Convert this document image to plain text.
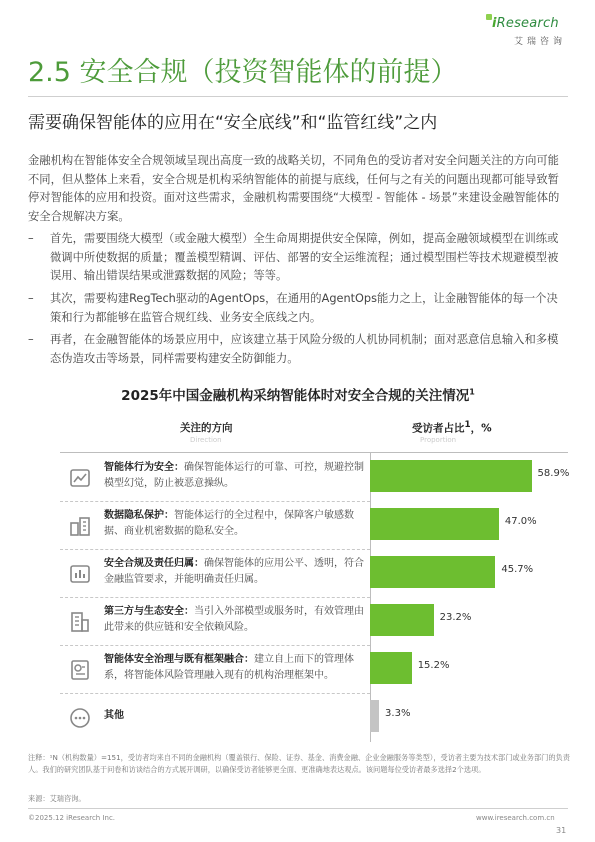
iResearch
艾瑞咨询
2.5 安全合规（投资智能体的前提）
需要确保智能体的应用在“安全底线”和“监管红线”之内
金融机构在智能体安全合规领域呈现出高度一致的战略关切，不同角色的受访者对安全问题关注的方向可能不同，但从整体上来看，安全合规是机构采纳智能体的前提与底线，任何与之有关的问题出现都可能导致暂停对智能体的应用和投资。面对这些需求，金融机构需要围绕“大模型 - 智能体 - 场景”来建设金融智能体的安全合规解决方案。
– 首先，需要围绕大模型（或金融大模型）全生命周期提供安全保障，例如，提高金融领域模型在训练或微调中所使数据的质量；覆盖模型精调、评估、部署的安全运维流程；通过模型围栏等技术规避模型被误用、输出错误结果或泄露数据的风险；等等。
– 其次，需要构建RegTech驱动的AgentOps，在通用的AgentOps能力之上，让金融智能体的每一个决策和行为都能够在监管合规红线、业务安全底线之内。
– 再者，在金融智能体的场景应用中，应该建立基于风险分级的人机协同机制；面对恶意信息输入和多模态伪造攻击等场景，同样需要构建安全防御能力。
2025年中国金融机构采纳智能体时对安全合规的关注情况$^1$
关注的方向
Direction
受访者占比$^1$，%
Proportion
智能体行为安全：确保智能体运行的可靠、可控，规避控制模型幻觉，防止被恶意操纵。
58.9%
数据隐私保护：智能体运行的全过程中，保障客户敏感数据、商业机密数据的隐私安全。
47.0%
安全合规及责任归属：确保智能体的应用公平、透明，符合金融监管要求，并能明确责任归属。
45.7%
第三方与生态安全：当引入外部模型或服务时，有效管理由此带来的供应链和安全依赖风险。
23.2%
智能体安全治理与既有框架融合：建立自上而下的管理体系，将智能体风险管理融入现有的机构治理框架中。
15.2%
其他	3.3%
注释：¹N（机构数量）=151，受访者均来自不同的金融机构（覆盖银行、保险、证券、基金、消费金融、企业金融服务等类型），受访者主要为技术部门或业务部门的负责人。我们的研究团队基于问卷和访谈结合的方式展开调研，以确保受访者能够更全面、更准确地表达观点。该问题每位受访者最多选择2个选项。
来源：艾瑞咨询。
©2025.12 iResearch Inc.	www.iresearch.com.cn
31
